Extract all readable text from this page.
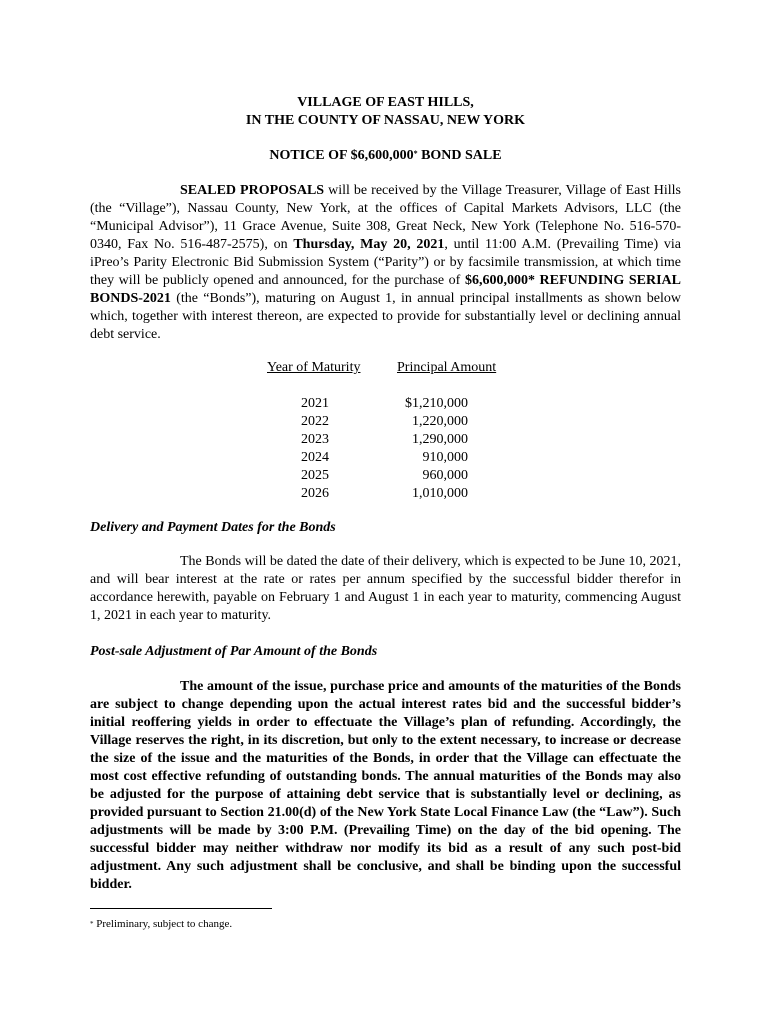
VILLAGE OF EAST HILLS,
IN THE COUNTY OF NASSAU, NEW YORK
NOTICE OF $6,600,000* BOND SALE

SEALED PROPOSALS will be received by the Village Treasurer, Village of East Hills (the “Village”), Nassau County, New York, at the offices of Capital Markets Advisors, LLC (the “Municipal Advisor”), 11 Grace Avenue, Suite 308, Great Neck, New York (Telephone No. 516-570-0340, Fax No. 516-487-2575), on Thursday, May 20, 2021, until 11:00 A.M. (Prevailing Time) via iPreo’s Parity Electronic Bid Submission System (“Parity”) or by facsimile transmission, at which time they will be publicly opened and announced, for the purchase of $6,600,000* REFUNDING SERIAL BONDS-2021 (the “Bonds”), maturing on August 1, in annual principal installments as shown below which, together with interest thereon, are expected to provide for substantially level or declining annual debt service.

Year of Maturity	Principal Amount
2021	$1,210,000
2022	1,220,000
2023	1,290,000
2024	910,000
2025	960,000
2026	1,010,000

Delivery and Payment Dates for the Bonds

The Bonds will be dated the date of their delivery, which is expected to be June 10, 2021, and will bear interest at the rate or rates per annum specified by the successful bidder therefor in accordance herewith, payable on February 1 and August 1 in each year to maturity, commencing August 1, 2021 in each year to maturity.

Post-sale Adjustment of Par Amount of the Bonds

The amount of the issue, purchase price and amounts of the maturities of the Bonds are subject to change depending upon the actual interest rates bid and the successful bidder’s initial reoffering yields in order to effectuate the Village’s plan of refunding. Accordingly, the Village reserves the right, in its discretion, but only to the extent necessary, to increase or decrease the size of the issue and the maturities of the Bonds, in order that the Village can effectuate the most cost effective refunding of outstanding bonds. The annual maturities of the Bonds may also be adjusted for the purpose of attaining debt service that is substantially level or declining, as provided pursuant to Section 21.00(d) of the New York State Local Finance Law (the “Law”). Such adjustments will be made by 3:00 P.M. (Prevailing Time) on the day of the bid opening. The successful bidder may neither withdraw nor modify its bid as a result of any such post-bid adjustment. Any such adjustment shall be conclusive, and shall be binding upon the successful bidder.

* Preliminary, subject to change.
